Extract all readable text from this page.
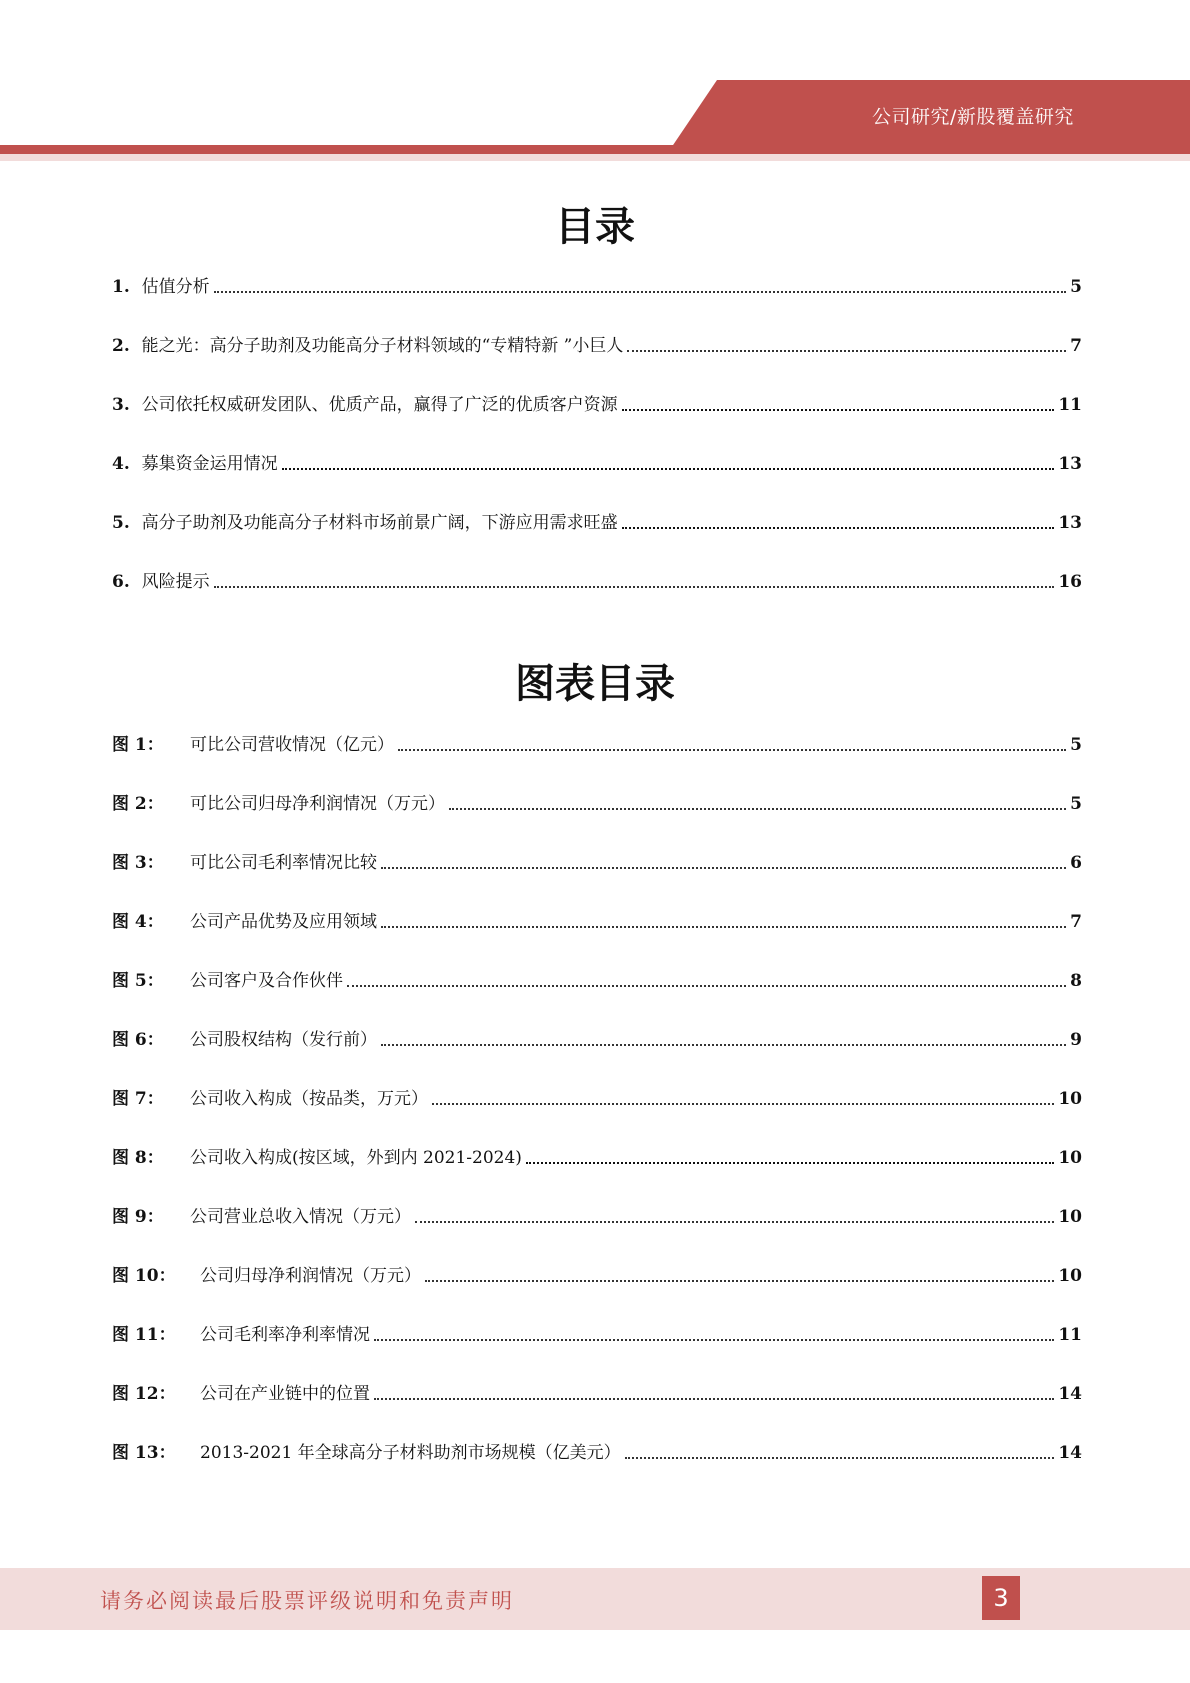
公司研究/新股覆盖研究
目录
1. 估值分析	5
2. 能之光：高分子助剂及功能高分子材料领域的“专精特新 ”小巨人	7
3. 公司依托权威研发团队、优质产品，赢得了广泛的优质客户资源	11
4. 募集资金运用情况	13
5. 高分子助剂及功能高分子材料市场前景广阔，下游应用需求旺盛	13
6. 风险提示	16
图表目录
图 1：	可比公司营收情况（亿元）	5
图 2：	可比公司归母净利润情况（万元）	5
图 3：	可比公司毛利率情况比较	6
图 4：	公司产品优势及应用领域	7
图 5：	公司客户及合作伙伴	8
图 6：	公司股权结构（发行前）	9
图 7：	公司收入构成（按品类，万元）	10
图 8：	公司收入构成(按区域，外到内 2021-2024)	10
图 9：	公司营业总收入情况（万元）	10
图 10：	公司归母净利润情况（万元）	10
图 11：	公司毛利率净利率情况	11
图 12：	公司在产业链中的位置	14
图 13：	2013-2021 年全球高分子材料助剂市场规模（亿美元）	14
请务必阅读最后股票评级说明和免责声明	3
